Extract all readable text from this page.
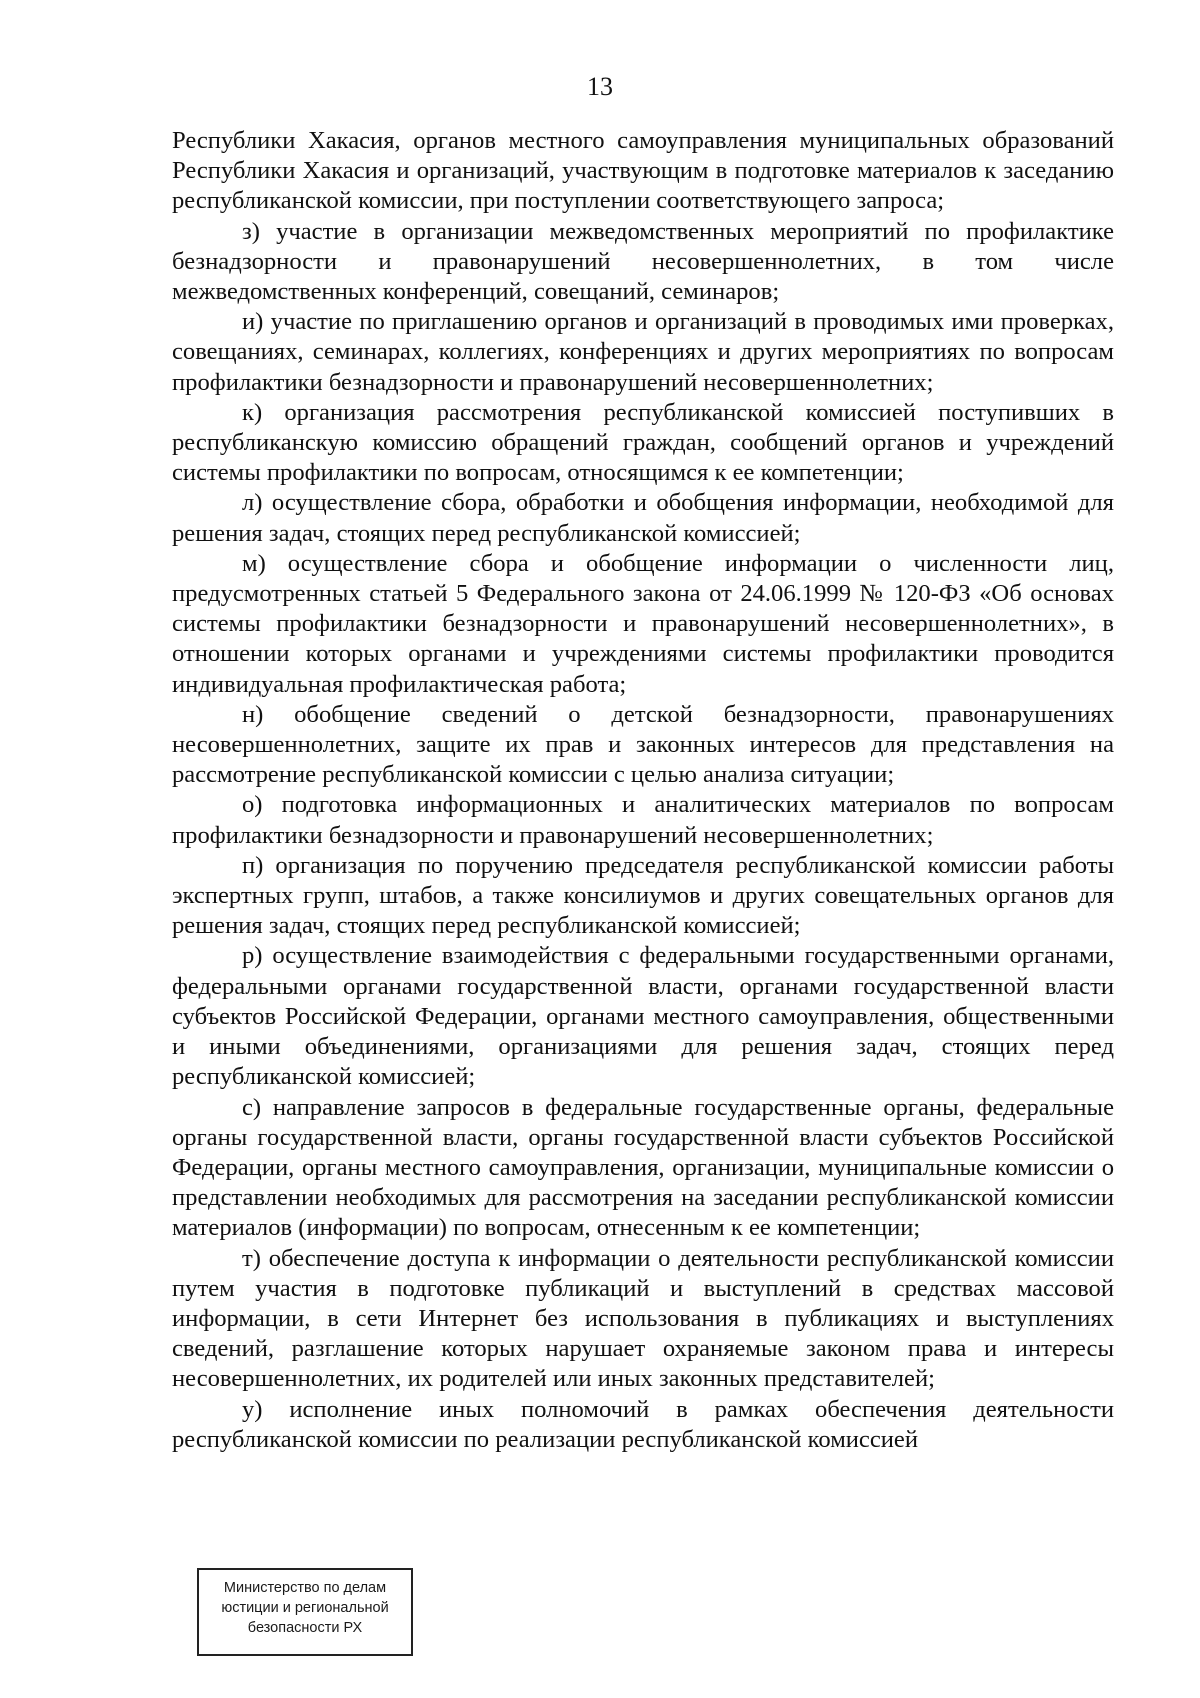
13

Республики Хакасия, органов местного самоуправления муниципальных образований Республики Хакасия и организаций, участвующим в подготовке материалов к заседанию республиканской комиссии, при поступлении соответствующего запроса;

з) участие в организации межведомственных мероприятий по профилактике безнадзорности и правонарушений несовершеннолетних, в том числе межведомственных конференций, совещаний, семинаров;

и) участие по приглашению органов и организаций в проводимых ими проверках, совещаниях, семинарах, коллегиях, конференциях и других мероприятиях по вопросам профилактики безнадзорности и правонарушений несовершеннолетних;

к) организация рассмотрения республиканской комиссией поступивших в республиканскую комиссию обращений граждан, сообщений органов и учреждений системы профилактики по вопросам, относящимся к ее компетенции;

л) осуществление сбора, обработки и обобщения информации, необходимой для решения задач, стоящих перед республиканской комиссией;

м) осуществление сбора и обобщение информации о численности лиц, предусмотренных статьей 5 Федерального закона от 24.06.1999 № 120-ФЗ «Об основах системы профилактики безнадзорности и правонарушений несовершеннолетних», в отношении которых органами и учреждениями системы профилактики проводится индивидуальная профилактическая работа;

н) обобщение сведений о детской безнадзорности, правонарушениях несовершеннолетних, защите их прав и законных интересов для представления на рассмотрение республиканской комиссии с целью анализа ситуации;

о) подготовка информационных и аналитических материалов по вопросам профилактики безнадзорности и правонарушений несовершеннолетних;

п) организация по поручению председателя республиканской комиссии работы экспертных групп, штабов, а также консилиумов и других совещательных органов для решения задач, стоящих перед республиканской комиссией;

р) осуществление взаимодействия с федеральными государственными органами, федеральными органами государственной власти, органами государственной власти субъектов Российской Федерации, органами местного самоуправления, общественными и иными объединениями, организациями для решения задач, стоящих перед республиканской комиссией;

с) направление запросов в федеральные государственные органы, федеральные органы государственной власти, органы государственной власти субъектов Российской Федерации, органы местного самоуправления, организации, муниципальные комиссии о представлении необходимых для рассмотрения на заседании республиканской комиссии материалов (информации) по вопросам, отнесенным к ее компетенции;

т) обеспечение доступа к информации о деятельности республиканской комиссии путем участия в подготовке публикаций и выступлений в средствах массовой информации, в сети Интернет без использования в публикациях и выступлениях сведений, разглашение которых нарушает охраняемые законом права и интересы несовершеннолетних, их родителей или иных законных представителей;

у) исполнение иных полномочий в рамках обеспечения деятельности республиканской комиссии по реализации республиканской комиссией

Министерство по делам
юстиции и региональной
безопасности РХ
